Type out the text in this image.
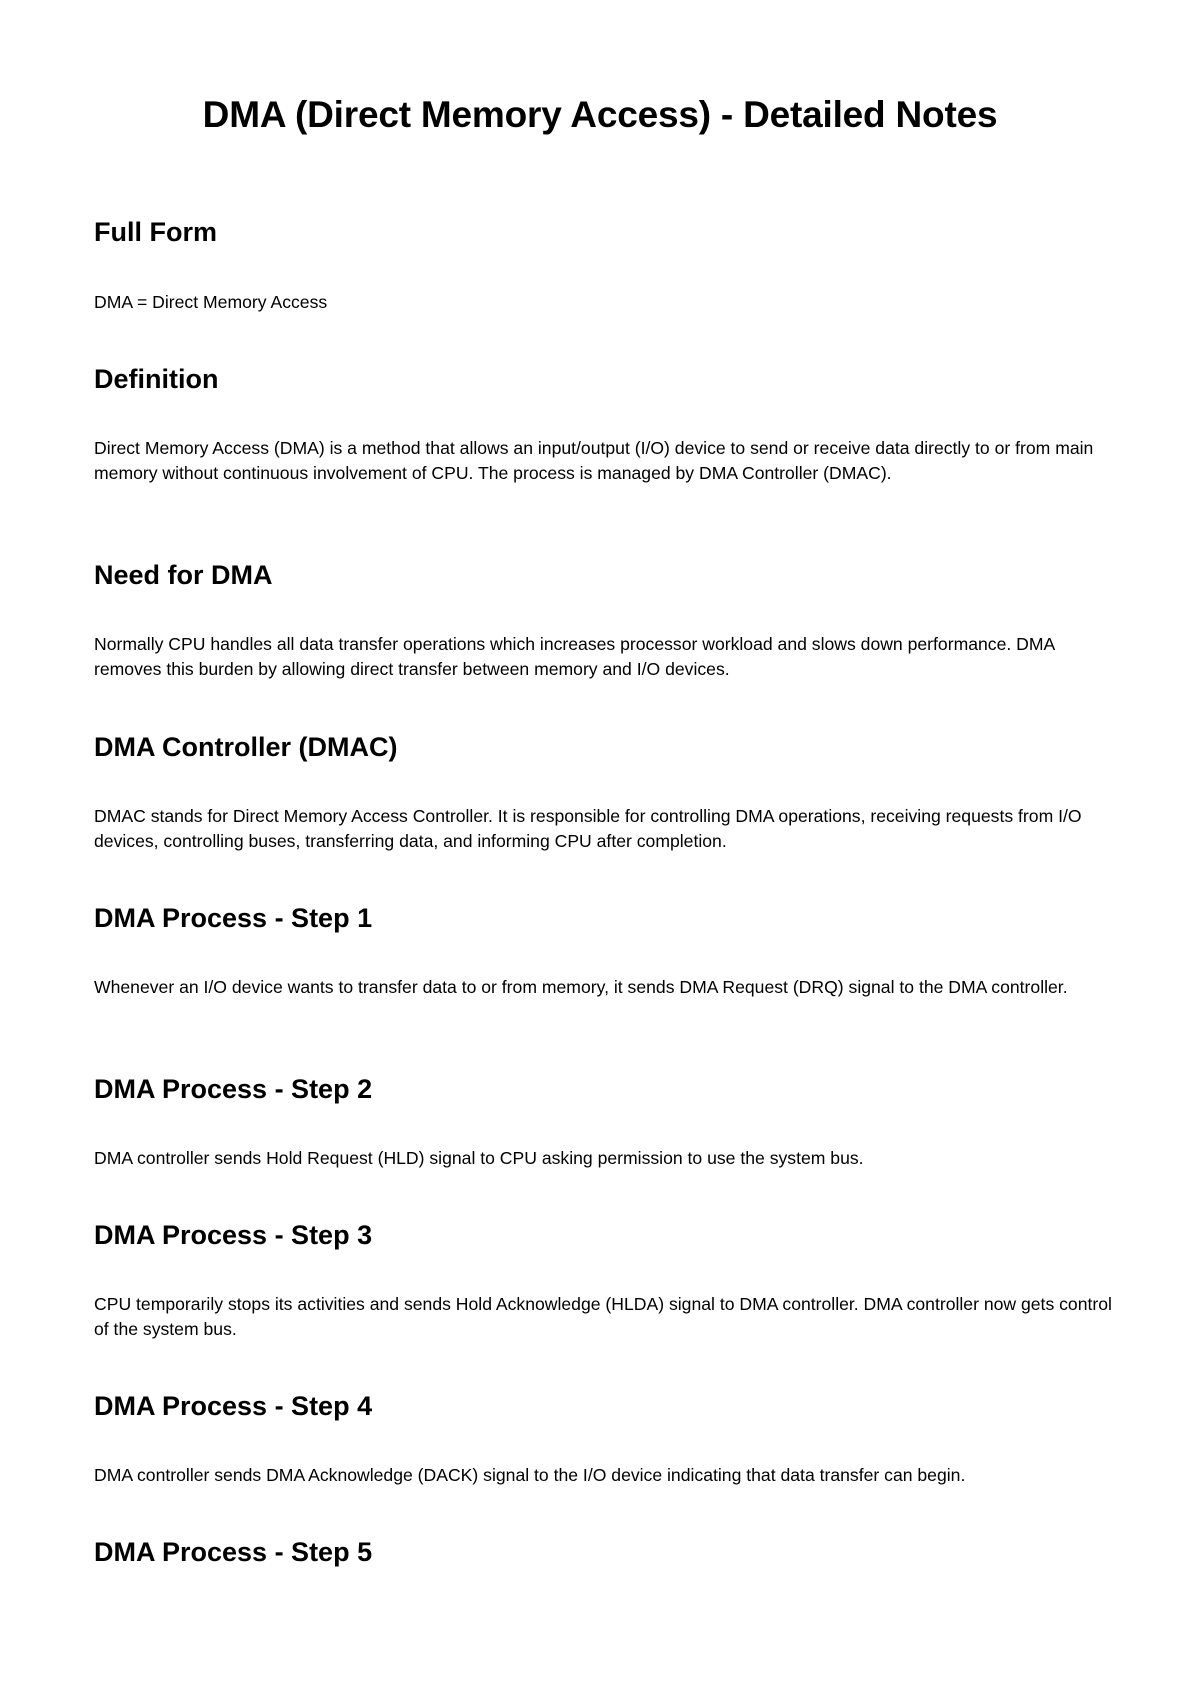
DMA (Direct Memory Access) - Detailed Notes
Full Form

DMA = Direct Memory Access

Definition

Direct Memory Access (DMA) is a method that allows an input/output (I/O) device to send or receive data directly to or from main memory without continuous involvement of CPU. The process is managed by DMA Controller (DMAC).

Need for DMA

Normally CPU handles all data transfer operations which increases processor workload and slows down performance. DMA removes this burden by allowing direct transfer between memory and I/O devices.

DMA Controller (DMAC)

DMAC stands for Direct Memory Access Controller. It is responsible for controlling DMA operations, receiving requests from I/O devices, controlling buses, transferring data, and informing CPU after completion.

DMA Process - Step 1

Whenever an I/O device wants to transfer data to or from memory, it sends DMA Request (DRQ) signal to the DMA controller.

DMA Process - Step 2

DMA controller sends Hold Request (HLD) signal to CPU asking permission to use the system bus.

DMA Process - Step 3

CPU temporarily stops its activities and sends Hold Acknowledge (HLDA) signal to DMA controller. DMA controller now gets control of the system bus.

DMA Process - Step 4

DMA controller sends DMA Acknowledge (DACK) signal to the I/O device indicating that data transfer can begin.

DMA Process - Step 5
